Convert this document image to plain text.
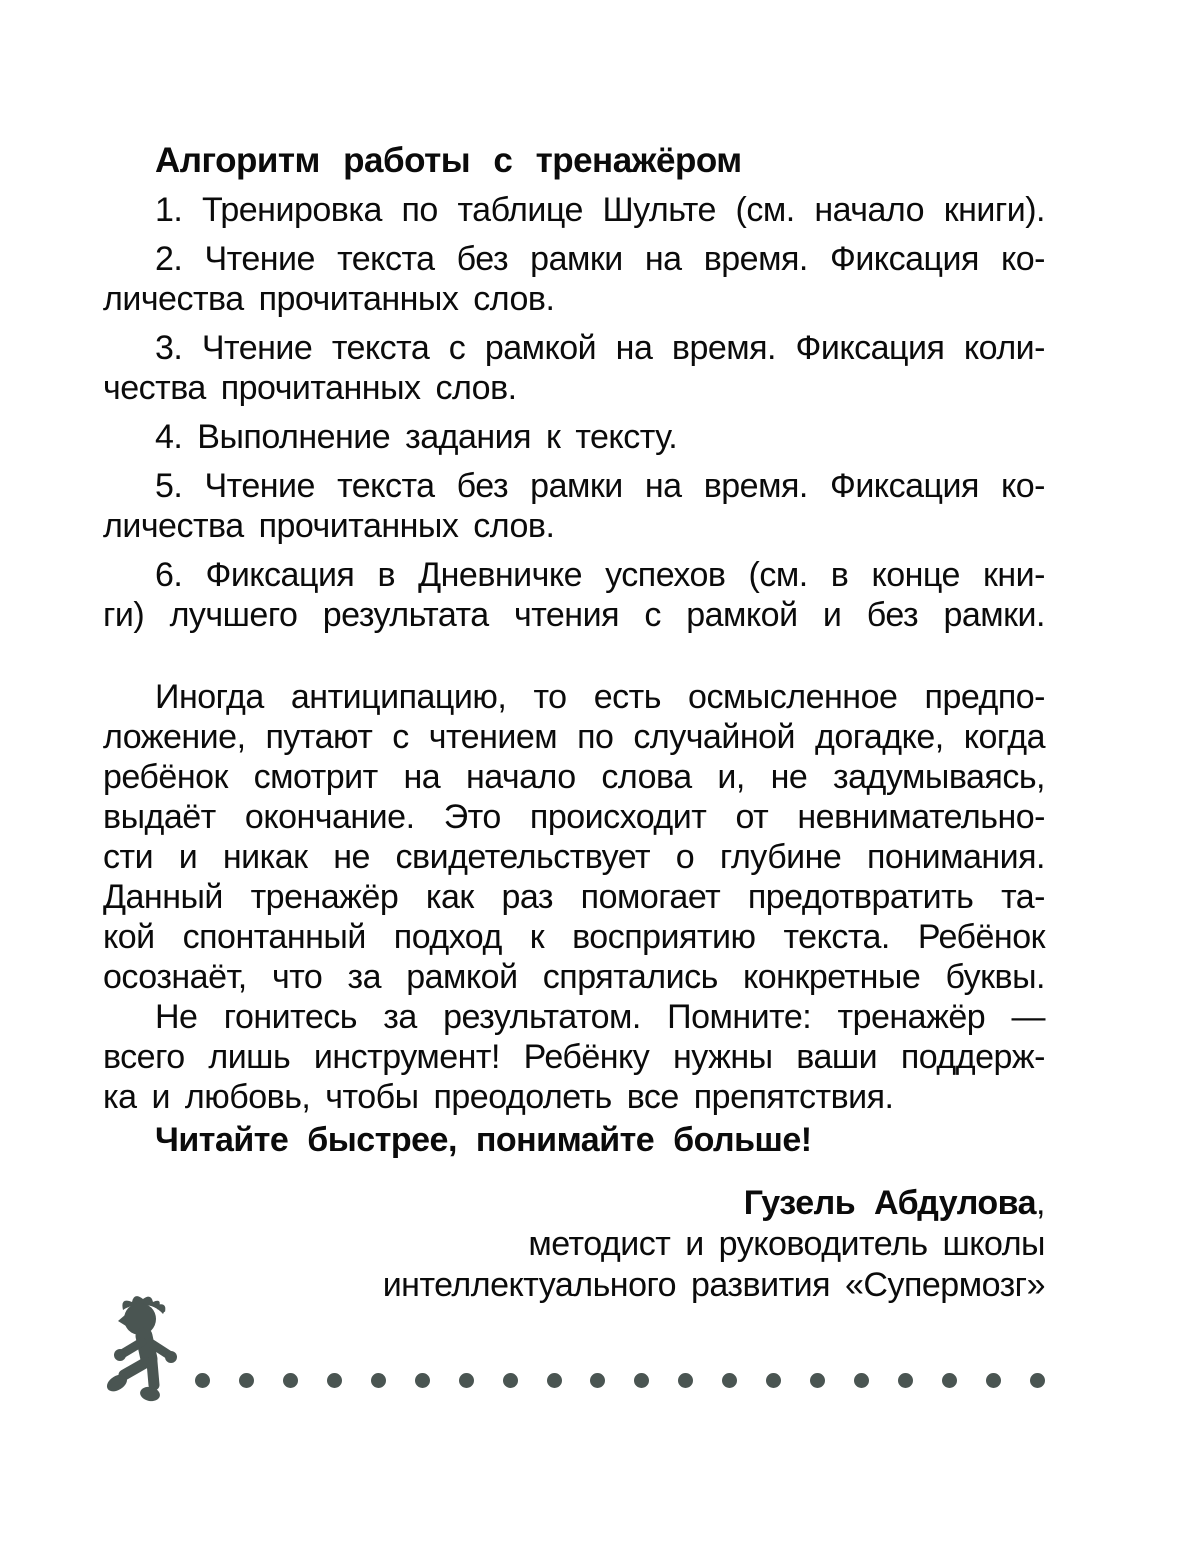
Алгоритм работы с тренажёром
1. Тренировка по таблице Шульте (см. начало книги).
2. Чтение текста без рамки на время. Фиксация ко-
личества прочитанных слов.
3. Чтение текста с рамкой на время. Фиксация коли-
чества прочитанных слов.
4. Выполнение задания к тексту.
5. Чтение текста без рамки на время. Фиксация ко-
личества прочитанных слов.
6. Фиксация в Дневничке успехов (см. в конце кни-
ги) лучшего результата чтения с рамкой и без рамки.
Иногда антиципацию, то есть осмысленное предпо-
ложение, путают с чтением по случайной догадке, когда
ребёнок смотрит на начало слова и, не задумываясь,
выдаёт окончание. Это происходит от невнимательно-
сти и никак не свидетельствует о глубине понимания.
Данный тренажёр как раз помогает предотвратить та-
кой спонтанный подход к восприятию текста. Ребёнок
осознаёт, что за рамкой спрятались конкретные буквы.
Не гонитесь за результатом. Помните: тренажёр —
всего лишь инструмент! Ребёнку нужны ваши поддерж-
ка и любовь, чтобы преодолеть все препятствия.
Читайте быстрее, понимайте больше!
Гузель Абдулова,
методист и руководитель школы
интеллектуального развития «Супермозг»
